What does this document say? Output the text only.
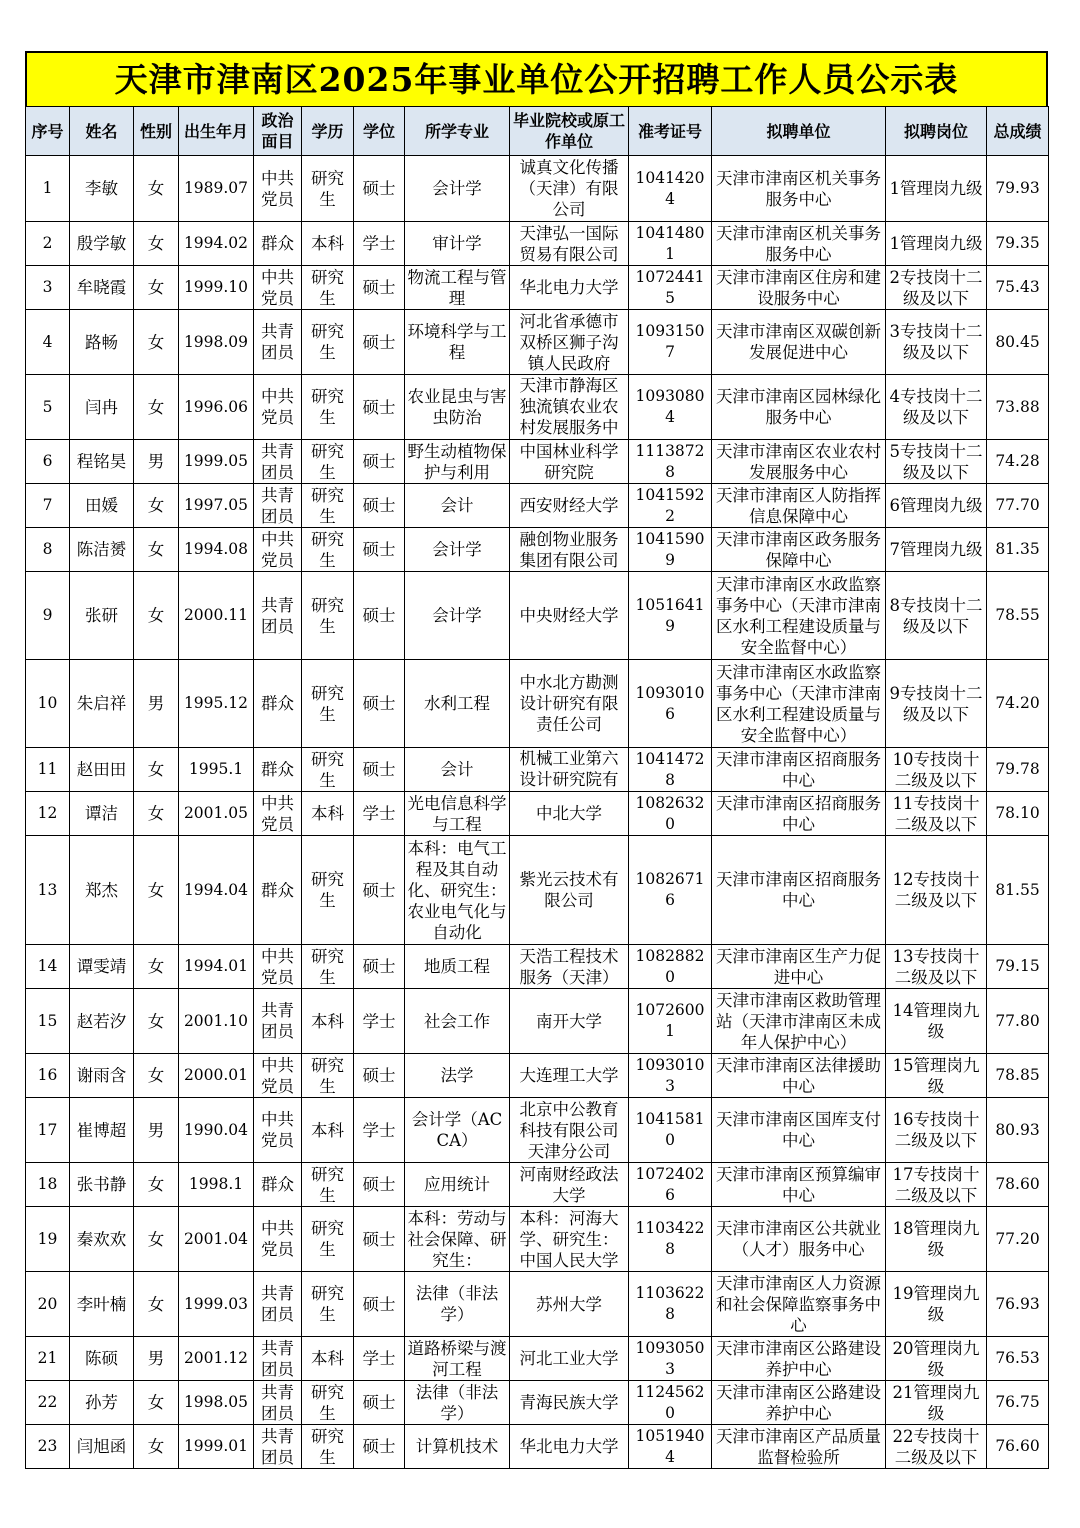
天津市津南区2025年事业单位公开招聘工作人员公示表
序号	姓名	性别	出生年月	政治面目	学历	学位	所学专业	毕业院校或原工作单位	准考证号	拟聘单位	拟聘岗位	总成绩

1	李敏	女	1989.07	中共党员	研究生	硕士	会计学	诚真文化传播（天津）有限公司	10414204	天津市津南区机关事务服务中心	1管理岗九级	79.93

2	殷学敏	女	1994.02	群众	本科	学士	审计学	天津弘一国际贸易有限公司	10414801	天津市津南区机关事务服务中心	1管理岗九级	79.35

3	牟晓霞	女	1999.10	中共党员	研究生	硕士	物流工程与管理	华北电力大学	10724415	天津市津南区住房和建设服务中心	2专技岗十二级及以下	75.43

4	路畅	女	1998.09	共青团员	研究生	硕士	环境科学与工程	河北省承德市双桥区狮子沟镇人民政府	10931507	天津市津南区双碳创新发展促进中心	3专技岗十二级及以下	80.45

5	闫冉	女	1996.06	中共党员	研究生	硕士	农业昆虫与害虫防治	天津市静海区独流镇农业农村发展服务中	10930804	天津市津南区园林绿化服务中心	4专技岗十二级及以下	73.88

6	程铭昊	男	1999.05	共青团员	研究生	硕士	野生动植物保护与利用	中国林业科学研究院	11138728	天津市津南区农业农村发展服务中心	5专技岗十二级及以下	74.28

7	田媛	女	1997.05	共青团员	研究生	硕士	会计	西安财经大学	10415922	天津市津南区人防指挥信息保障中心	6管理岗九级	77.70

8	陈洁赟	女	1994.08	中共党员	研究生	硕士	会计学	融创物业服务集团有限公司	10415909	天津市津南区政务服务保障中心	7管理岗九级	81.35

9	张研	女	2000.11	共青团员	研究生	硕士	会计学	中央财经大学	10516419	天津市津南区水政监察事务中心（天津市津南区水利工程建设质量与安全监督中心）	8专技岗十二级及以下	78.55

10	朱启祥	男	1995.12	群众	研究生	硕士	水利工程	中水北方勘测设计研究有限责任公司	10930106	天津市津南区水政监察事务中心（天津市津南区水利工程建设质量与安全监督中心）	9专技岗十二级及以下	74.20

11	赵田田	女	1995.1	群众	研究生	硕士	会计	机械工业第六设计研究院有	10414728	天津市津南区招商服务中心	10专技岗十二级及以下	79.78

12	谭洁	女	2001.05	中共党员	本科	学士	光电信息科学与工程	中北大学	10826320	天津市津南区招商服务中心	11专技岗十二级及以下	78.10

13	郑杰	女	1994.04	群众	研究生	硕士	本科：电气工程及其自动化、研究生：农业电气化与自动化	紫光云技术有限公司	10826716	天津市津南区招商服务中心	12专技岗十二级及以下	81.55

14	谭雯靖	女	1994.01	中共党员	研究生	硕士	地质工程	天浩工程技术服务（天津）	10828820	天津市津南区生产力促进中心	13专技岗十二级及以下	79.15

15	赵若汐	女	2001.10	共青团员	本科	学士	社会工作	南开大学	10726001	天津市津南区救助管理站（天津市津南区未成年人保护中心）	14管理岗九级	77.80

16	谢雨含	女	2000.01	中共党员	研究生	硕士	法学	大连理工大学	10930103	天津市津南区法律援助中心	15管理岗九级	78.85

17	崔博超	男	1990.04	中共党员	本科	学士	会计学（ACCA）	北京中公教育科技有限公司天津分公司	10415810	天津市津南区国库支付中心	16专技岗十二级及以下	80.93

18	张书静	女	1998.1	群众	研究生	硕士	应用统计	河南财经政法大学	10724026	天津市津南区预算编审中心	17专技岗十二级及以下	78.60

19	秦欢欢	女	2001.04	中共党员	研究生	硕士	本科：劳动与社会保障、研究生：	本科：河海大学、研究生：中国人民大学	11034228	天津市津南区公共就业（人才）服务中心	18管理岗九级	77.20

20	李叶楠	女	1999.03	共青团员	研究生	硕士	法律（非法学）	苏州大学	11036228	天津市津南区人力资源和社会保障监察事务中心	19管理岗九级	76.93

21	陈硕	男	2001.12	共青团员	本科	学士	道路桥梁与渡河工程	河北工业大学	10930503	天津市津南区公路建设养护中心	20管理岗九级	76.53

22	孙芳	女	1998.05	共青团员	研究生	硕士	法律（非法学）	青海民族大学	11245620	天津市津南区公路建设养护中心	21管理岗九级	76.75

23	闫旭函	女	1999.01	共青团员	研究生	硕士	计算机技术	华北电力大学	10519404	天津市津南区产品质量监督检验所	22专技岗十二级及以下	76.60
